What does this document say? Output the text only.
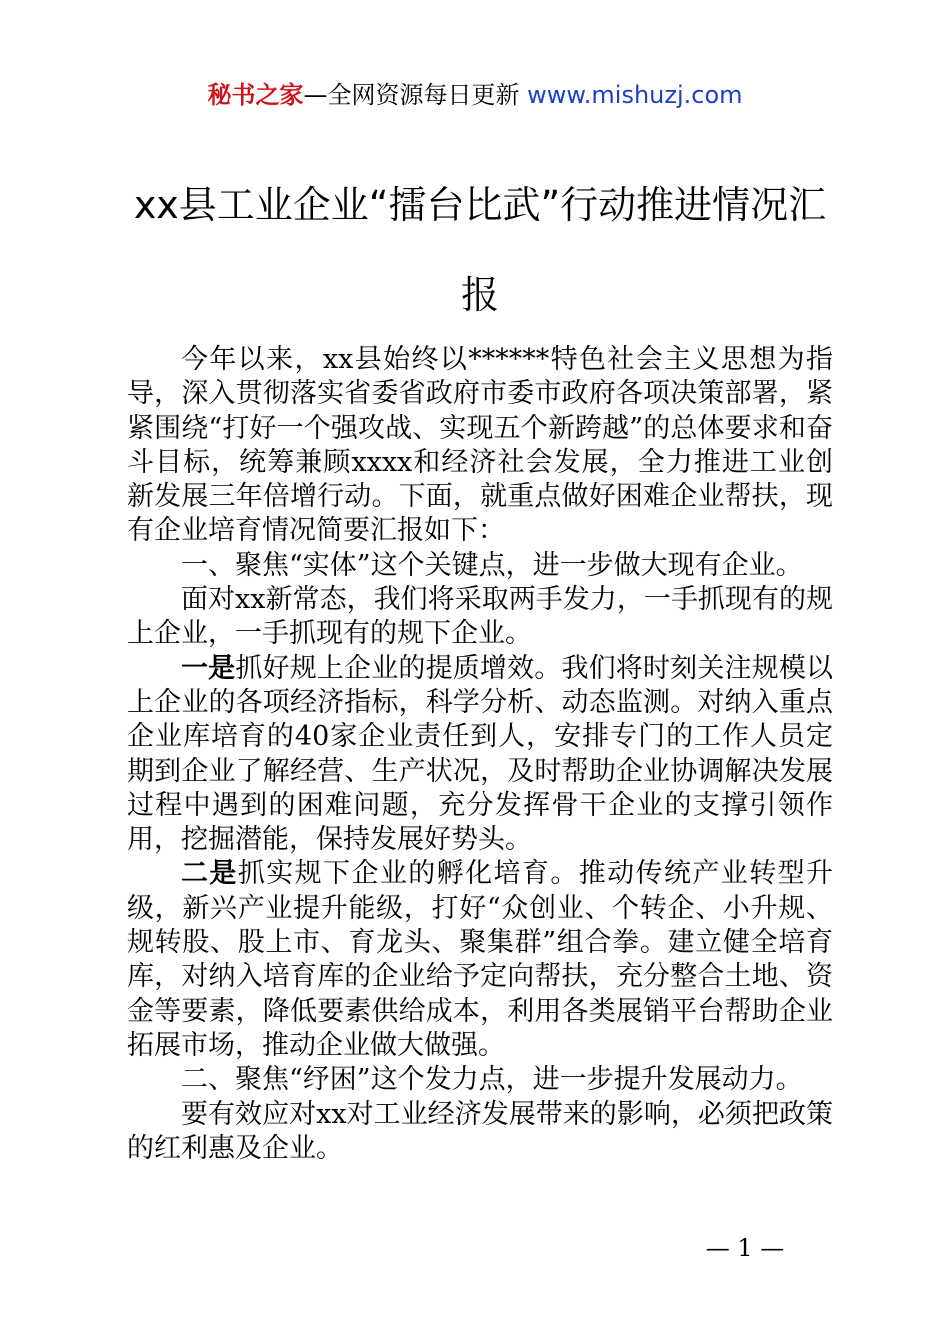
秘书之家—全网资源每日更新 www.mishuzj.com
xx县工业企业“擂台比武”行动推进情况汇报

今年以来，xx县始终以******特色社会主义思想为指导，深入贯彻落实省委省政府市委市政府各项决策部署，紧紧围绕“打好一个强攻战、实现五个新跨越”的总体要求和奋斗目标，统筹兼顾xxxx和经济社会发展，全力推进工业创新发展三年倍增行动。下面，就重点做好困难企业帮扶，现有企业培育情况简要汇报如下：

一、聚焦“实体”这个关键点，进一步做大现有企业。

面对xx新常态，我们将采取两手发力，一手抓现有的规上企业，一手抓现有的规下企业。

一是抓好规上企业的提质增效。我们将时刻关注规模以上企业的各项经济指标，科学分析、动态监测。对纳入重点企业库培育的40家企业责任到人，安排专门的工作人员定期到企业了解经营、生产状况，及时帮助企业协调解决发展过程中遇到的困难问题，充分发挥骨干企业的支撑引领作用，挖掘潜能，保持发展好势头。

二是抓实规下企业的孵化培育。推动传统产业转型升级，新兴产业提升能级，打好“众创业、个转企、小升规、规转股、股上市、育龙头、聚集群”组合拳。建立健全培育库，对纳入培育库的企业给予定向帮扶，充分整合土地、资金等要素，降低要素供给成本，利用各类展销平台帮助企业拓展市场，推动企业做大做强。

二、聚焦“纾困”这个发力点，进一步提升发展动力。

要有效应对xx对工业经济发展带来的影响，必须把政策的红利惠及企业。

— 1 —
